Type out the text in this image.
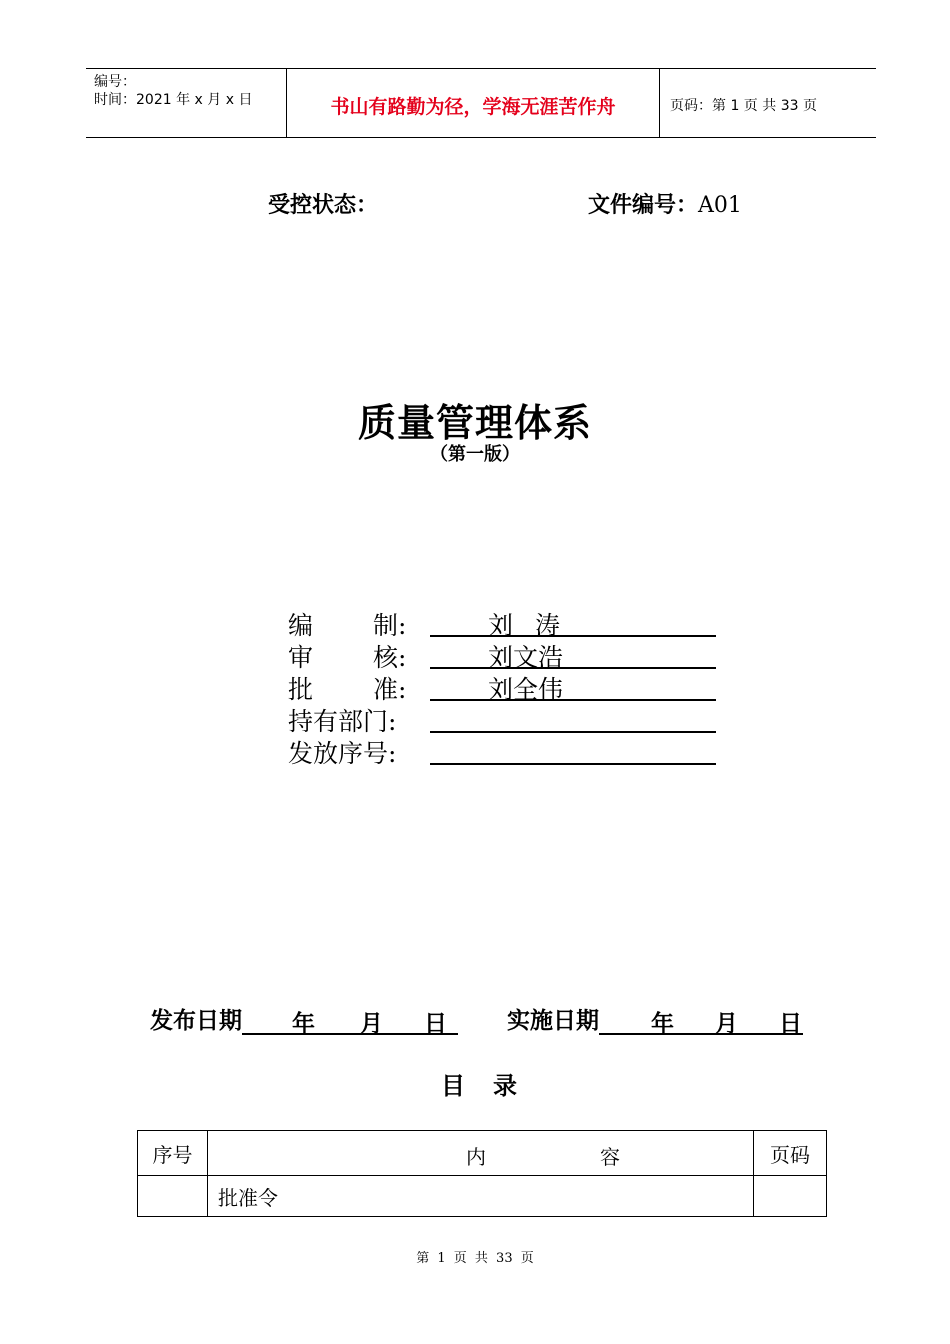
编号：
时间：2021 年 x 月 x 日	书山有路勤为径，学海无涯苦作舟	页码：第 1 页 共 33 页
受控状态：	文件编号：A01
质量管理体系
（第一版）
编 制:	刘 涛
审 核:	刘文浩
批 准:	刘全伟
持有部门:
发放序号:
发布日期 年 月 日	实施日期 年 月 日
目录
序号	内 容	页码
	批准令	
第 1 页 共 33 页
